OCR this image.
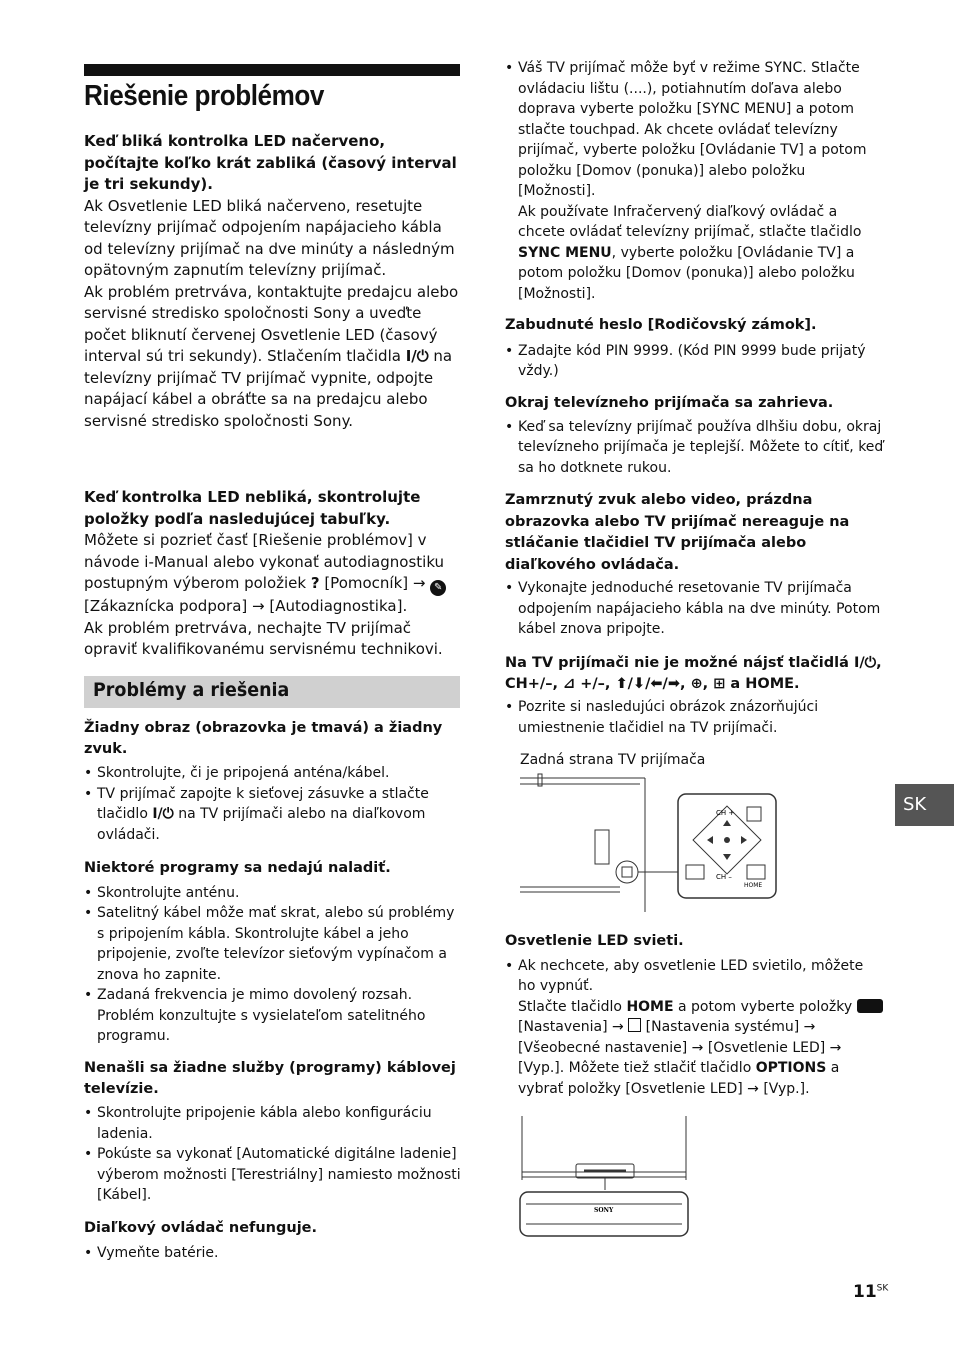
Riešenie problémov

Keď bliká kontrolka LED načerveno, počítajte koľko krát zabliká (časový interval je tri sekundy).

Ak Osvetlenie LED bliká načerveno, resetujte televízny prijímač odpojením napájacieho kábla od televízny prijímač na dve minúty a následným opätovným zapnutím televízny prijímač.

Ak problém pretrváva, kontaktujte predajcu alebo servisné stredisko spoločnosti Sony a uveďte počet bliknutí červenej Osvetlenie LED (časový interval sú tri sekundy). Stlačením tlačidla I/⏻ na televízny prijímač TV prijímač vypnite, odpojte napájací kábel a obráťte sa na predajcu alebo servisné stredisko spoločnosti Sony.

Keď kontrolka LED nebliká, skontrolujte položky podľa nasledujúcej tabuľky.

Môžete si pozrieť časť [Riešenie problémov] v návode i-Manual alebo vykonať autodiagnostiku postupným výberom položiek ? [Pomocník] → ✎ [Zákaznícka podpora] → [Autodiagnostika].

Ak problém pretrváva, nechajte TV prijímač opraviť kvalifikovanému servisnému technikovi.

Problémy a riešenia

Žiadny obraz (obrazovka je tmavá) a žiadny zvuk.

• Skontrolujte, či je pripojená anténa/kábel.
• TV prijímač zapojte k sieťovej zásuvke a stlačte tlačidlo I/⏻ na TV prijímači alebo na diaľkovom ovládači.

Niektoré programy sa nedajú naladiť.

• Skontrolujte anténu.
• Satelitný kábel môže mať skrat, alebo sú problémy s pripojením kábla. Skontrolujte kábel a jeho pripojenie, zvoľte televízor sieťovým vypínačom a znova ho zapnite.
• Zadaná frekvencia je mimo dovolený rozsah. Problém konzultujte s vysielateľom satelitného programu.

Nenašli sa žiadne služby (programy) káblovej televízie.

• Skontrolujte pripojenie kábla alebo konfiguráciu ladenia.
• Pokúste sa vykonať [Automatické digitálne ladenie] výberom možnosti [Terestriálny] namiesto možnosti [Kábel].

Diaľkový ovládač nefunguje.

• Vymeňte batérie.
• Váš TV prijímač môže byť v režime SYNC. Stlačte ovládaciu lištu (....), potiahnutím doľava alebo doprava vyberte položku [SYNC MENU] a potom stlačte touchpad. Ak chcete ovládať televízny prijímač, vyberte položku [Ovládanie TV] a potom položku [Domov (ponuka)] alebo položku [Možnosti].
Ak používate Infračervený diaľkový ovládač a chcete ovládať televízny prijímač, stlačte tlačidlo SYNC MENU, vyberte položku [Ovládanie TV] a potom položku [Domov (ponuka)] alebo položku [Možnosti].

Zabudnuté heslo [Rodičovský zámok].

• Zadajte kód PIN 9999. (Kód PIN 9999 bude prijatý vždy.)

Okraj televízneho prijímača sa zahrieva.

• Keď sa televízny prijímač používa dlhšiu dobu, okraj televízneho prijímača je teplejší. Môžete to cítiť, keď sa ho dotknete rukou.

Zamrznutý zvuk alebo video, prázdna obrazovka alebo TV prijímač nereaguje na stláčanie tlačidiel TV prijímača alebo diaľkového ovládača.

• Vykonajte jednoduché resetovanie TV prijímača odpojením napájacieho kábla na dve minúty. Potom kábel znova pripojte.

Na TV prijímači nie je možné nájsť tlačidlá I/⏻, CH+/–, ⊿ +/–, ⬆/⬇/⬅/➡, ⊕, ⊞ a HOME.

• Pozrite si nasledujúci obrázok znázorňujúci umiestnenie tlačidiel na TV prijímači.
Zadná strana TV prijímača
CH +
CH –
HOME

Osvetlenie LED svieti.

• Ak nechcete, aby osvetlenie LED svietilo, môžete ho vypnúť.
Stlačte tlačidlo HOME a potom vyberte položky  [Nastavenia] →  [Nastavenia systému] → [Všeobecné nastavenie] → [Osvetlenie LED] → [Vyp.]. Môžete tiež stlačiť tlačidlo OPTIONS a vybrať položky [Osvetlenie LED] → [Vyp.].
SONY
SK
$11^{SK}$
